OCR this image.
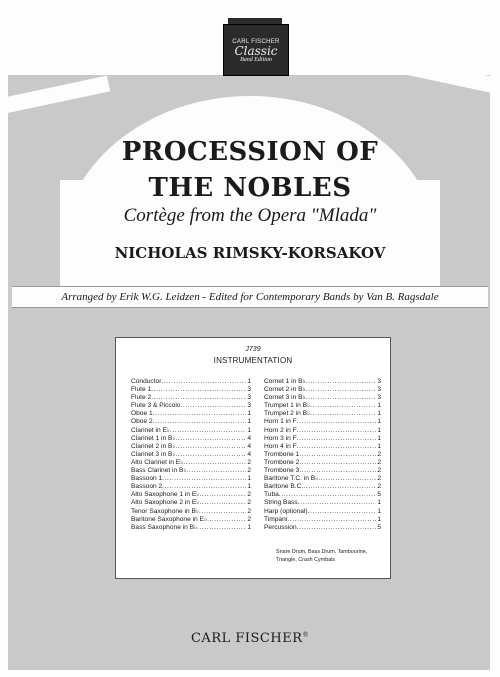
CARL FISCHER
Classic
Band Edition
PROCESSION OF
THE NOBLES
Cortège from the Opera "Mlada"
NICHOLAS RIMSKY-KORSAKOV
Arranged by Erik W.G. Leidzen - Edited for Contemporary Bands by Van B. Ragsdale
J739
INSTRUMENTATION
Conductor .....	1
Flute 1 .....	3
Flute 2 .....	3
Flute 3 & Piccolo .....	3
Oboe 1 .....	1
Oboe 2 .....	1
Clarinet in E♭ .....	1
Clarinet 1 in B♭ .....	4
Clarinet 2 in B♭ .....	4
Clarinet 3 in B♭ .....	4
Alto Clarinet in E♭ .....	2
Bass Clarinet in B♭ .....	2
Bassoon 1 .....	1
Bassoon 2 .....	1
Alto Saxophone 1 in E♭ .....	2
Alto Saxophone 2 in E♭ .....	2
Tenor Saxophone in B♭ .....	2
Baritone Saxophone in E♭ .....	2
Bass Saxophone in B♭ .....	1
Cornet 1 in B♭ .....	3
Cornet 2 in B♭ .....	3
Cornet 3 in B♭ .....	3
Trumpet 1 in B♭ .....	1
Trumpet 2 in B♭ .....	1
Horn 1 in F .....	1
Horn 2 in F .....	1
Horn 3 in F .....	1
Horn 4 in F .....	1
Trombone 1 .....	2
Trombone 2 .....	2
Trombone 3 .....	2
Baritone T.C. in B♭ .....	2
Baritone B.C. .....	2
Tuba .....	5
String Bass .....	1
Harp (optional) .....	1
Timpani .....	1
Percussion .....	5
Snare Drum, Bass Drum, Tambourine, Triangle, Crash Cymbals
CARL FISCHER®
